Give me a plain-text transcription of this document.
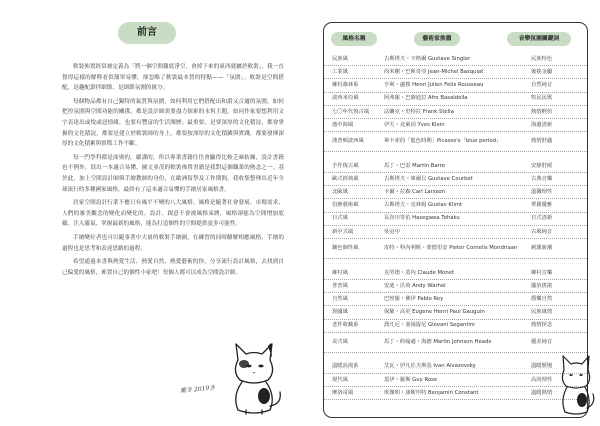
前言

軟裝佈置經常被定義為「將一個空間徹底淨空，會掉下來的東西就屬於軟裝」，我一直覺得這樣的解釋看似簡單易懂，卻忽略了軟裝最本質的特點——「氛圍」。軟裝是空間搭配，是趣配諧拌細節，是細節氛圍的匯分。

每個物品都有自己獨特的氣質與氛圍，如何利用它們搭配出和諧又合適的氛圍，如何把控氛圍與空間功能的關係，都是設計師需要盡力探索的永恆主題。如同作家要想利用文字表達出或悅或惡情緒，也要有豐富的生活閱歷；最重要，是要深厚的文化積淀，都會掌握的文化積淀，都要是建立於軟裝師的身上，都要按深厚的文化積澱與實踐，都要發揮深厚的文化積累與實際工作不斷。

每一門學科都是深奧的，嚴謹的，所以專業書籍往往會顯得比較乏味枯燥，設計書籍也不例外。寫出一本適合易懂、圖文並茂的軟裝佈置書籍是我對這個職業的熱念之一。基於此，加上空間設計師與手繪教師的身份，在歐洲留學及工作期間，我收集整理出近年全球流行的多種國家風格，最終有了這本適合易懂的手繪居家風格書。

居家空間設計行業不應只有風平不變的八大風格。風格是隨著社會發展、市場需求、人們的審美觀念的變化而變化的。設計、創意不會被風格束縛，風格卻能為空間增加底蘊、注入靈氣、掌握最新的風格，能為打造個性的空間提供更多可能性。

手繪變好者也可以隨事著中大量的軟裝手繪圖，在練習的同時瞭解相應風格，手繪的過程也是思考和表達思路的過程。

希望通過本書與熱愛生活、熱愛自然、熱愛藝術的你，分享流行設計風格，去找到自己偏愛的風格，佈置自己的個性小家吧！每個人都可以成為空間設計師。

戴冬 2019.9
風格名稱	藝術家推薦	音樂氛圍關鍵詞
民族風	古斯塔夫・辛格爾 Gustave Singler	民族特色
工業風	尚米榭・巴斯奇亞 Jean-Michel Basquiat	後搖金屬
鄉村森林系	亨利・盧梭 Henri Julien Felix Rousseau	自然純音
波西米亞風	阿弗羅・巴薩迪拉 Afro Basaldella	牧民民歌
七〇年代復古風	法蘭克・史特拉 Frank Stella	熱情輕快
地中海風	伊夫・克萊因 Yves Klein	海邊清新
漢普頓波西風	畢卡索的「藍色時期」Picasso's「blue period」	熱情舒適
手作復古風	馬丁・巴雷 Martin Barre	安靜舒緩
歐式經典風	古斯塔夫・庫爾貝 Gustave Courbet	古典音樂
北歐風	卡爾・拉森 Carl Larsson	溫馨理性
俗雅藝術風	古斯塔夫・克林姆 Gustav Klimt	華麗優雅
日式風	長谷川等伯 Hasegawa Tohaku	日式清新
新中式風	吳冠中	古風純音
鑲色個性風	皮特・科內利斯・蒙德里安 Pieter Cornelis Mondriaan	刺激新潮
鄉村風	克勞德・莫內 Claude Monet	鄉村音樂
普普風	安迪・沃荷 Andy Warhol	擺放搖滾
自然風	巴勃羅・佛伊 Pablo Rey	爵樂自然
異國風	保羅・高更 Eugene Henri Paul Gauguin	民族風情
老件收藏系	喬凡尼・塞岡提尼 Giovani Segantini	熱情怪念
美式風	馬丁・約翰遜・海德 Martin Johnson Heade	優美純音
溫暖浪漫系	艾瓦・伊凡佐夫斯基 Ivan Aivazovsky	溫暖愜慢
現代風	蓋伊・羅斯 Guy Rose	高尚理性
摩洛哥風	班傑明・康斯坦特 Benjamin Constant	溫暖熱情
